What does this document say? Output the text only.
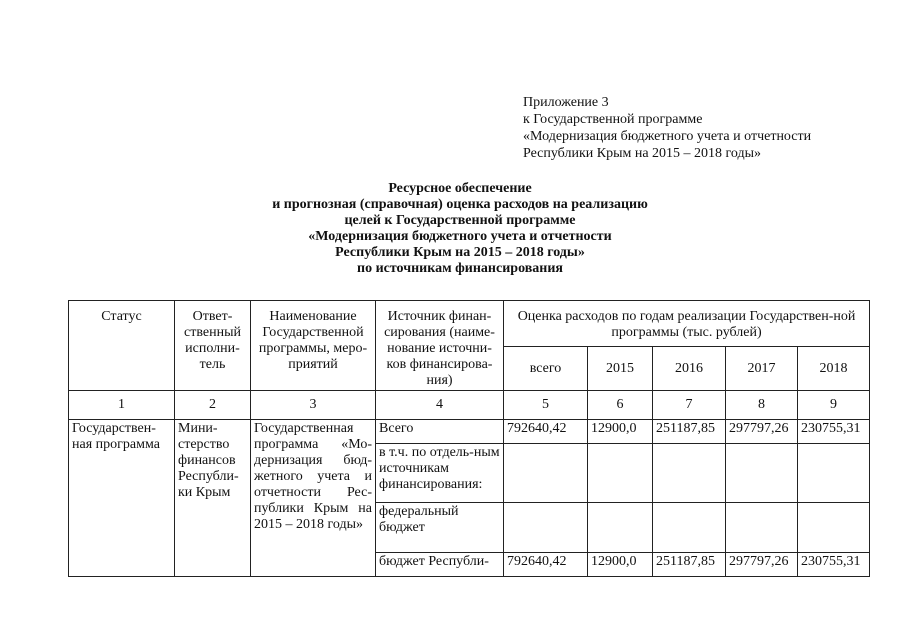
Приложение 3
к Государственной программе
«Модернизация бюджетного учета и отчетности
Республики Крым на 2015 – 2018 годы»
Ресурсное обеспечение
и прогнозная (справочная) оценка расходов на реализацию
целей к Государственной программе
«Модернизация бюджетного учета и отчетности
Республики Крым на 2015 – 2018 годы»
по источникам финансирования
Статус	Ответ-ственный исполни-тель	Наименование Государственной программы, меро-приятий	Источник финан-сирования (наиме-нование источни-ков финансирова-ния)	Оценка расходов по годам реализации Государствен-ной программы (тыс. рублей)				
				всего	2015	2016	2017	2018
1	2	3	4	5	6	7	8	9
Государствен-ная программа	Мини-стерство финансов Республи-ки Крым	Государственная программа «Мо-дернизация бюд-жетного учета и отчетности Рес-публики Крым на 2015 – 2018 годы»	Всего	792640,42	12900,0	251187,85	297797,26	230755,31
			в т.ч. по отдель-ным источникам финансирования:					
			федеральный бюджет					
			бюджет Республи-	792640,42	12900,0	251187,85	297797,26	230755,31
